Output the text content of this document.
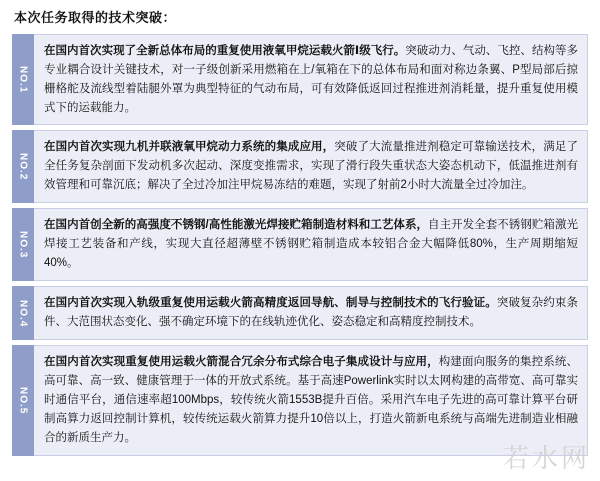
本次任务取得的技术突破：
NO.1
在国内首次实现了全新总体布局的重复使用液氧甲烷运载火箭Ⅰ级飞行。突破动力、气动、飞控、结构等多专业耦合设计关键技术，对一子级创新采用燃箱在上/氧箱在下的总体布局和面对称边条翼、P型局部后掠栅格舵及流线型着陆腿外罩为典型特征的气动布局，可有效降低返回过程推进剂消耗量，提升重复使用模式下的运载能力。
NO.2
在国内首次实现九机并联液氧甲烷动力系统的集成应用，突破了大流量推进剂稳定可靠输送技术，满足了全任务复杂剖面下发动机多次起动、深度变推需求，实现了滑行段失重状态大姿态机动下，低温推进剂有效管理和可靠沉底；解决了全过冷加注甲烷易冻结的难题，实现了射前2小时大流量全过冷加注。
NO.3
在国内首创全新的高强度不锈钢/高性能激光焊接贮箱制造材料和工艺体系，自主开发全套不锈钢贮箱激光焊接工艺装备和产线，实现大直径超薄壁不锈钢贮箱制造成本较铝合金大幅降低80%，生产周期缩短40%。
NO.4	在国内首次实现入轨级重复使用运载火箭高精度返回导航、制导与控制技术的飞行验证。突破复杂约束条件、大范围状态变化、强不确定环境下的在线轨迹优化、姿态稳定和高精度控制技术。
NO.5
在国内首次实现重复使用运载火箭混合冗余分布式综合电子集成设计与应用，构建面向服务的集控系统、高可靠、高一致、健康管理于一体的开放式系统。基于高速Powerlink实时以太网构建的高带宽、高可靠实时通信平台，通信速率超100Mbps，较传统火箭1553B提升百倍。采用汽车电子先进的高可靠计算平台研制高算力返回控制计算机，较传统运载火箭算力提升10倍以上，打造火箭新电系统与高端先进制造业相融合的新质生产力。
若水网
